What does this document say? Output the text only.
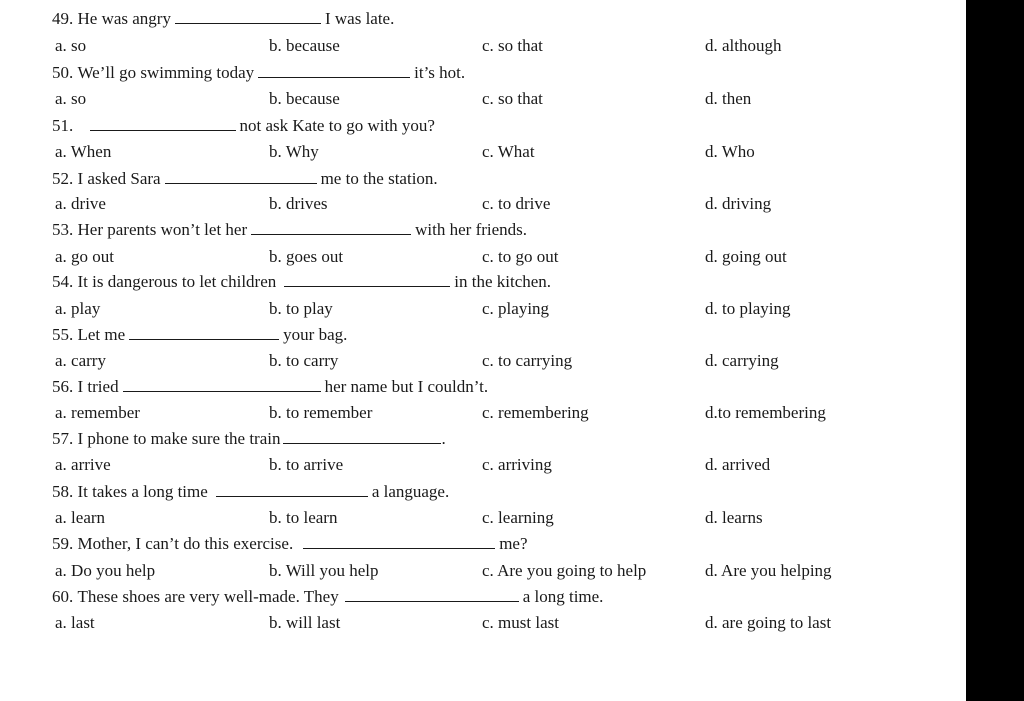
49.
He was angry	I was late.
a. so	b. because	c. so that	d. although
50.
We’ll go swimming today	it’s hot.
a. so	b. because	c. so that	d. then
51.
	not ask Kate to go with you?
a. When	b. Why	c. What	d. Who
52.
I asked Sara	me to the station.
a. drive	b. drives	c. to drive	d. driving
53.
Her parents won’t let her	with her friends.
a. go out	b. goes out	c. to go out	d. going out
54.
It is dangerous to let children	in the kitchen.
a. play	b. to play	c. playing	d. to playing
55.
Let me	your bag.
a. carry	b. to carry	c. to carrying	d. carrying
56.
I tried	her name but I couldn’t.
a. remember	b. to remember	c. remembering	d.to remembering
57.
I phone to make sure the train	.
a. arrive	b. to arrive	c. arriving	d. arrived
58.
It takes a long time	a language.
a. learn	b. to learn	c. learning	d. learns
59.
Mother, I can’t do this exercise.	me?
a. Do you help	b. Will you help	c. Are you going to help	d. Are you helping
60.
These shoes are very well-made. They	a long time.
a. last	b. will last	c. must last	d. are going to last
